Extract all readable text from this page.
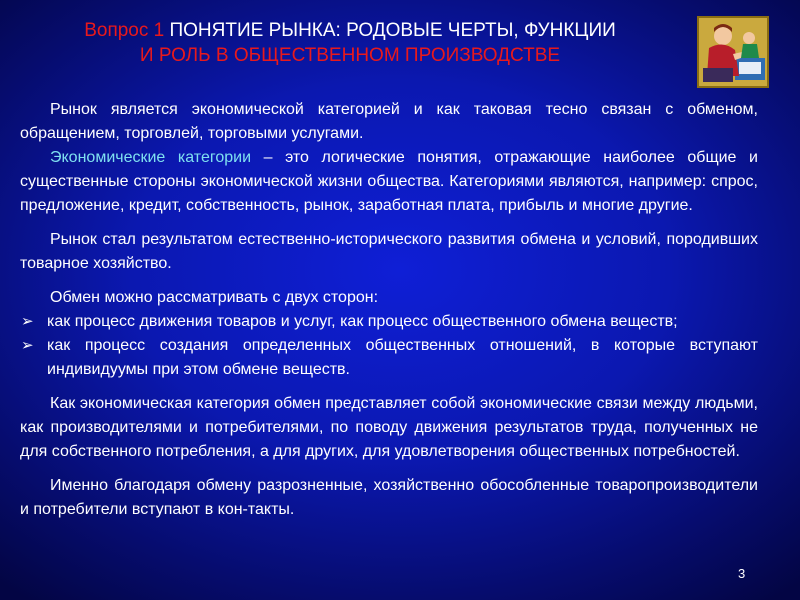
Вопрос 1 ПОНЯТИЕ РЫНКА: РОДОВЫЕ ЧЕРТЫ, ФУНКЦИИ
И РОЛЬ В ОБЩЕСТВЕННОМ ПРОИЗВОДСТВЕ

Рынок является экономической категорией и как таковая тесно связан с обменом, обращением, торговлей, торговыми услугами.

Экономические категории – это логические понятия, отражающие наиболее общие и существенные стороны экономической жизни общества. Категориями являются, например: спрос, предложение, кредит, собственность, рынок, заработная плата, прибыль и многие другие.

Рынок стал результатом естественно-исторического развития обмена и условий, породивших товарное хозяйство.

Обмен можно рассматривать с двух сторон:

➢ как процесс движения товаров и услуг, как процесс общественного обмена веществ;
➢ как процесс создания определенных общественных отношений, в которые вступают индивидуумы при этом обмене веществ.

Как экономическая категория обмен представляет собой экономические связи между людьми, как производителями и потребителями, по поводу движения результатов труда, полученных не для собственного потребления, а для других, для удовлетворения общественных потребностей.

Именно благодаря обмену разрозненные, хозяйственно обособленные товаропроизводители и потребители вступают в кон-такты.

3
